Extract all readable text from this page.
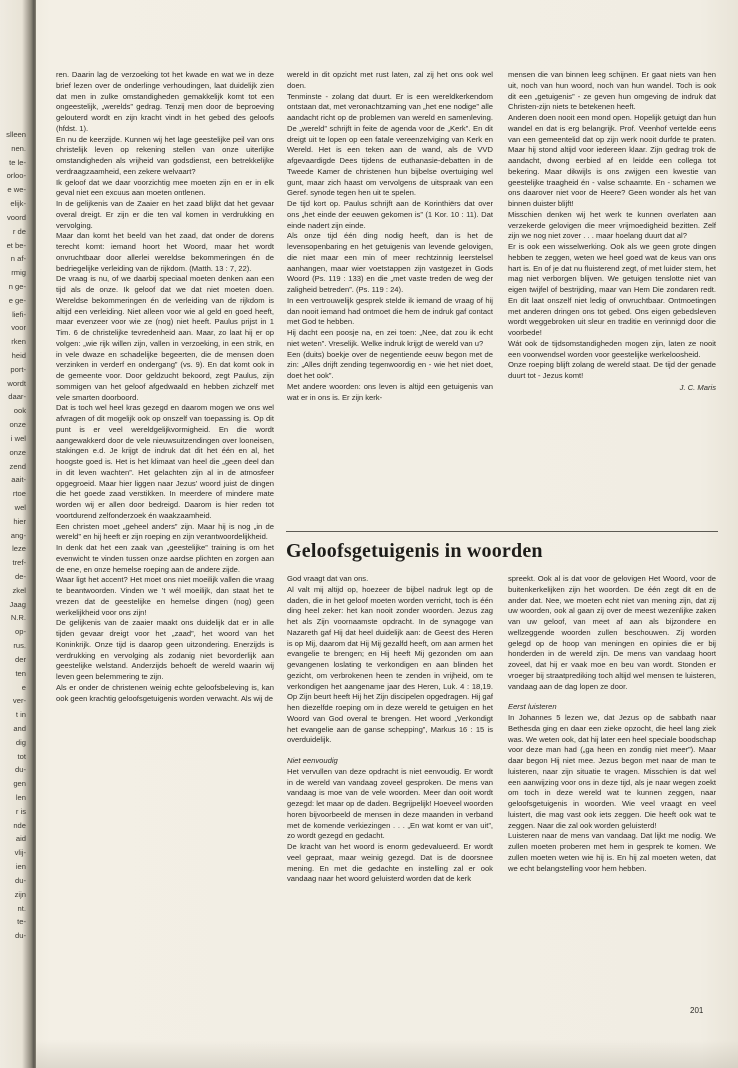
slleen
nen.
te le-
orloo-
e we-
elijk-
voord
r de
et be-
n af-
rmig
n ge-
e ge-
liefi-
voor
rken
heid
port-
wordt
daar-
ook
onze
i wel
onze
zend
aait-
rtoe
wel
hier
ang-
leze
tref-
de-
zkel
Jaag
N.R.
op-
rus.
der
ten
e
ver-
t in
and
dig
tot
du-
gen
len
r is
nde
aid
vlij-
ien
du-
zijn
nt.
te-
du-

ren. Daarin lag de verzoeking tot het kwade en wat we in deze brief lezen over de onderlinge verhoudingen, laat duidelijk zien dat men in zulke omstandigheden gemakkelijk komt tot een ongeestelijk, „werelds” gedrag. Tenzij men door de beproeving gelouterd wordt en zijn kracht vindt in het gebed des geloofs (hfdst. 1).

En nu de keerzijde. Kunnen wij het lage geestelijke peil van ons christelijk leven op rekening stellen van onze uiterlijke omstandigheden als vrijheid van godsdienst, een betrekkelijke verdraagzaamheid, een zekere welvaart?

Ik geloof dat we daar voorzichtig mee moeten zijn en er in elk geval niet een excuus aan moeten ontlenen.

In de gelijkenis van de Zaaier en het zaad blijkt dat het gevaar overal dreigt. Er zijn er die ten val komen in verdrukking en vervolging.

Maar dan komt het beeld van het zaad, dat onder de dorens terecht komt: iemand hoort het Woord, maar het wordt onvruchtbaar door allerlei wereldse bekommeringen én de bedriegelijke verleiding van de rijkdom. (Matth. 13 : 7, 22).

De vraag is nu, of we daarbij speciaal moeten denken aan een tijd als de onze. Ik geloof dat we dat niet moeten doen. Wereldse bekommeringen én de verleiding van de rijkdom is altijd een verleiding. Niet alleen voor wie al geld en goed heeft, maar evenzeer voor wie ze (nog) niet heeft. Paulus prijst in 1 Tim. 6 de christelijke tevredenheid aan. Maar, zo laat hij er op volgen: „wie rijk willen zijn, vallen in verzoeking, in een strik, en in vele dwaze en schadelijke begeerten, die de mensen doen verzinken in verderf en ondergang” (vs. 9). En dat komt ook in de gemeente voor. Door geldzucht bekoord, zegt Paulus, zijn sommigen van het geloof afgedwaald en hebben zichzelf met vele smarten doorboord.

Dat is toch wel heel kras gezegd en daarom mogen we ons wel afvragen of dit mogelijk ook op onszelf van toepassing is. Op dit punt is er veel wereldgelijkvormigheid. En die wordt aangewakkerd door de vele nieuwsuitzendingen over looneisen, stakingen e.d. Je krijgt de indruk dat dit het één en al, het hoogste goed is. Het is het klimaat van heel die „geen deel dan in dit leven wachten”. Het gelachten zijn al in de atmosfeer opgegroeid. Maar hier liggen naar Jezus’ woord juist de dingen die het goede zaad verstikken. In meerdere of mindere mate worden wij er allen door bedreigd. Daarom is hier reden tot voortdurend zelfonderzoek én waakzaamheid.

Een christen moet „geheel anders” zijn. Maar hij is nog „in de wereld” en hij heeft er zijn roeping en zijn verantwoordelijkheid.

In denk dat het een zaak van „geestelijke” training is om het evenwicht te vinden tussen onze aardse plichten en zorgen aan de ene, en onze hemelse roeping aan de andere zijde.

Waar ligt het accent? Het moet ons niet moeilijk vallen die vraag te beantwoorden. Vinden we ’t wél moeilijk, dan staat het te vrezen dat de geestelijke en hemelse dingen (nog) geen werkelijkheid voor ons zijn!

De gelijkenis van de zaaier maakt ons duidelijk dat er in alle tijden gevaar dreigt voor het „zaad”, het woord van het Koninkrijk. Onze tijd is daarop geen uitzondering. Enerzijds is verdrukking en vervolging als zodanig niet bevorderlijk aan geestelijke welstand. Anderzijds behoeft de wereld waarin wij leven geen belemmering te zijn.

Als er onder de christenen weinig echte geloofsbeleving is, kan ook geen krachtig geloofsgetuigenis worden verwacht. Als wij de

wereld in dit opzicht met rust laten, zal zij het ons ook wel doen.

Tenminste - zolang dat duurt. Er is een wereldkerkendom ontstaan dat, met veronachtzaming van „het ene nodige” alle aandacht richt op de problemen van wereld en samenleving. De „wereld” schrijft in feite de agenda voor de „Kerk”. En dit dreigt uit te lopen op een fatale vereenzelviging van Kerk en Wereld. Het is een teken aan de wand, als de VVD afgevaardigde Dees tijdens de euthanasie-debatten in de Tweede Kamer de christenen hun bijbelse overtuiging wel gunt, maar zich haast om vervolgens de uitspraak van een Geref. synode tegen hen uit te spelen.

De tijd kort op. Paulus schrijft aan de Korinthiërs dat over ons „het einde der eeuwen gekomen is” (1 Kor. 10 : 11). Dat einde nadert zijn einde.

Als onze tijd één ding nodig heeft, dan is het de levensopenbaring en het getuigenis van levende gelovigen, die niet maar een min of meer rechtzinnig leerstelsel aanhangen, maar wier voetstappen zijn vastgezet in Gods Woord (Ps. 119 : 133) en die „met vaste treden de weg der zaligheid betreden”. (Ps. 119 : 24).

In een vertrouwelijk gesprek stelde ik iemand de vraag of hij dan nooit iemand had ontmoet die hem de indruk gaf contact met God te hebben.

Hij dacht een poosje na, en zei toen: „Nee, dat zou ik echt niet weten”. Vreselijk. Welke indruk krijgt de wereld van u?

Een (duits) boekje over de negentiende eeuw begon met de zin: „Alles drijft zending tegenwoordig en - wie het niet doet, doet het ook”.

Met andere woorden: ons leven is altijd een getuigenis van wat er in ons is. Er zijn kerk-

mensen die van binnen leeg schijnen. Er gaat niets van hen uit, noch van hun woord, noch van hun wandel. Toch is ook dit een „getuigenis” - ze geven hun omgeving de indruk dat Christen-zijn niets te betekenen heeft.

Anderen doen nooit een mond open. Hopelijk getuigt dan hun wandel en dat is erg belangrijk. Prof. Veenhof vertelde eens van een gemeentelid dat op zijn werk nooit durfde te praten. Maar hij stond altijd voor iedereen klaar. Zijn gedrag trok de aandacht, dwong eerbied af en leidde een collega tot bekering. Maar dikwijls is ons zwijgen een kwestie van geestelijke traagheid én - valse schaamte. En - schamen we ons daarover niet voor de Heere? Geen wonder als het van binnen duister blijft!

Misschien denken wij het werk te kunnen overlaten aan verzekerde gelovigen die meer vrijmoedigheid bezitten. Zelf zijn we nog niet zover . . . maar hoelang duurt dat al?

Er is ook een wisselwerking. Ook als we geen grote dingen hebben te zeggen, weten we heel goed wat de keus van ons hart is. En of je dat nu fluisterend zegt, of met luider stem, het mag niet verborgen blijven. We getuigen tenslotte niet van eigen twijfel of bestrijding, maar van Hem Die zondaren redt. En dit laat onszelf niet ledig of onvruchtbaar. Ontmoetingen met anderen dringen ons tot gebed. Ons eigen gebedsleven wordt weggebroken uit sleur en traditie en verinnigd door die voorbede!

Wát ook de tijdsomstandigheden mogen zijn, laten ze nooit een voorwendsel worden voor geestelijke werkeloosheid.

Onze roeping blijft zolang de wereld staat. De tijd der genade duurt tot - Jezus komt!

J. C. Maris

Geloofsgetuigenis in woorden

God vraagt dat van ons.

Al valt mij altijd op, hoezeer de bijbel nadruk legt op de daden, die in het geloof moeten worden verricht, toch is één ding heel zeker: het kan nooit zonder woorden. Jezus zag het als Zijn voornaamste opdracht. In de synagoge van Nazareth gaf Hij dat heel duidelijk aan: de Geest des Heren is op Mij, daarom dat Hij Mij gezalfd heeft, om aan armen het evangelie te brengen; en Hij heeft Mij gezonden om aan gevangenen loslating te verkondigen en aan blinden het gezicht, om verbrokenen heen te zenden in vrijheid, om te verkondigen het aangename jaar des Heren, Luk. 4 : 18,19. Op Zijn beurt heeft Hij het Zijn discipelen opgedragen. Hij gaf hen diezelfde roeping om in deze wereld te getuigen en het Woord van God overal te brengen. Het woord „Verkondigt het evangelie aan de ganse schepping”, Markus 16 : 15 is overduidelijk.

Niet eenvoudig

Het vervullen van deze opdracht is niet eenvoudig. Er wordt in de wereld van vandaag zoveel gesproken. De mens van vandaag is moe van de vele woorden. Meer dan ooit wordt gezegd: let maar op de daden. Begrijpelijk! Hoeveel woorden horen bijvoorbeeld de mensen in deze maanden in verband met de komende verkiezingen . . . „En wat komt er van uit”, zo wordt gezegd en gedacht.

De kracht van het woord is enorm gedevalueerd. Er wordt veel gepraat, maar weinig gezegd. Dat is de doorsnee mening. En met die gedachte en instelling zal er ook vandaag naar het woord geluisterd worden dat de kerk

spreekt. Ook al is dat voor de gelovigen Het Woord, voor de buitenkerkelijken zijn het woorden. De één zegt dit en de ander dat. Nee, we moeten echt niet van mening zijn, dat zij uw woorden, ook al gaan zij over de meest wezenlijke zaken van uw geloof, van meet af aan als bijzondere en wellzeggende woorden zullen beschouwen. Zij worden gelegd op de hoop van meningen en opinies die er bij honderden in de wereld zijn. De mens van vandaag hoort zoveel, dat hij er vaak moe en beu van wordt. Stonden er vroeger bij straatprediking toch altijd wel mensen te luisteren, vandaag aan de dag lopen ze door.

Eerst luisteren

In Johannes 5 lezen we, dat Jezus op de sabbath naar Bethesda ging en daar een zieke opzocht, die heel lang ziek was. We weten ook, dat hij later een heel speciale boodschap voor deze man had („ga heen en zondig niet meer”). Maar daar begon Hij niet mee. Jezus begon met naar de man te luisteren, naar zijn situatie te vragen. Misschien is dat wel een aanwijzing voor ons in deze tijd, als je naar wegen zoekt om toch in deze wereld wat te kunnen zeggen, naar geloofsgetuigenis in woorden. Wie veel vraagt en veel luistert, die mag vast ook iets zeggen. Die heeft ook wat te zeggen. Naar die zal ook worden geluisterd!

Luisteren naar de mens van vandaag. Dat lijkt me nodig. We zullen moeten proberen met hem in gesprek te komen. We zullen moeten weten wie hij is. En hij zal moeten weten, dat we echt belangstelling voor hem hebben.

201
